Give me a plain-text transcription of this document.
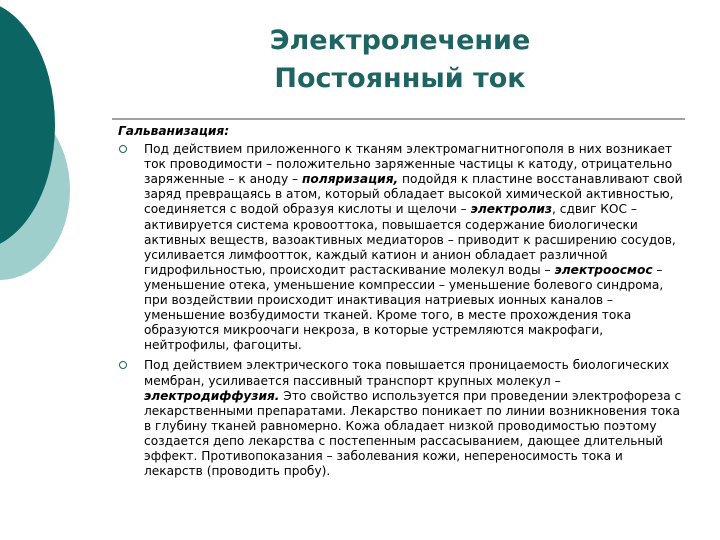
Электролечение
Постоянный ток
Гальванизация:
Под действием приложенного к тканям электромагнитногополя в них возникает ток проводимости – положительно заряженные частицы к катоду, отрицательно заряженные – к аноду – поляризация, подойдя к пластине восстанавливают свой заряд превращаясь в атом, который обладает высокой химической активностью, соединяется с водой образуя кислоты и щелочи – электролиз, сдвиг КОС – активируется система кровооттока, повышается содержание биологически активных веществ, вазоактивных медиаторов – приводит к расширению сосудов, усиливается лимфоотток, каждый катион и анион обладает различной гидрофильностью, происходит растаскивание молекул воды – электроосмос – уменьшение отека, уменьшение компрессии – уменьшение болевого синдрома, при воздействии происходит инактивация натриевых ионных каналов – уменьшение возбудимости тканей. Кроме того, в месте прохождения тока образуются микроочаги некроза, в которые устремляются макрофаги, нейтрофилы, фагоциты.
Под действием электрического тока повышается проницаемость биологических мембран, усиливается пассивный транспорт крупных молекул – электродиффузия. Это свойство используется при проведении электрофореза с лекарственными препаратами. Лекарство поникает по линии возникновения тока в глубину тканей равномерно. Кожа обладает низкой проводимостью поэтому создается депо лекарства с постепенным рассасыванием, дающее длительный эффект. Противопоказания – заболевания кожи, непереносимость тока и лекарств (проводить пробу).
